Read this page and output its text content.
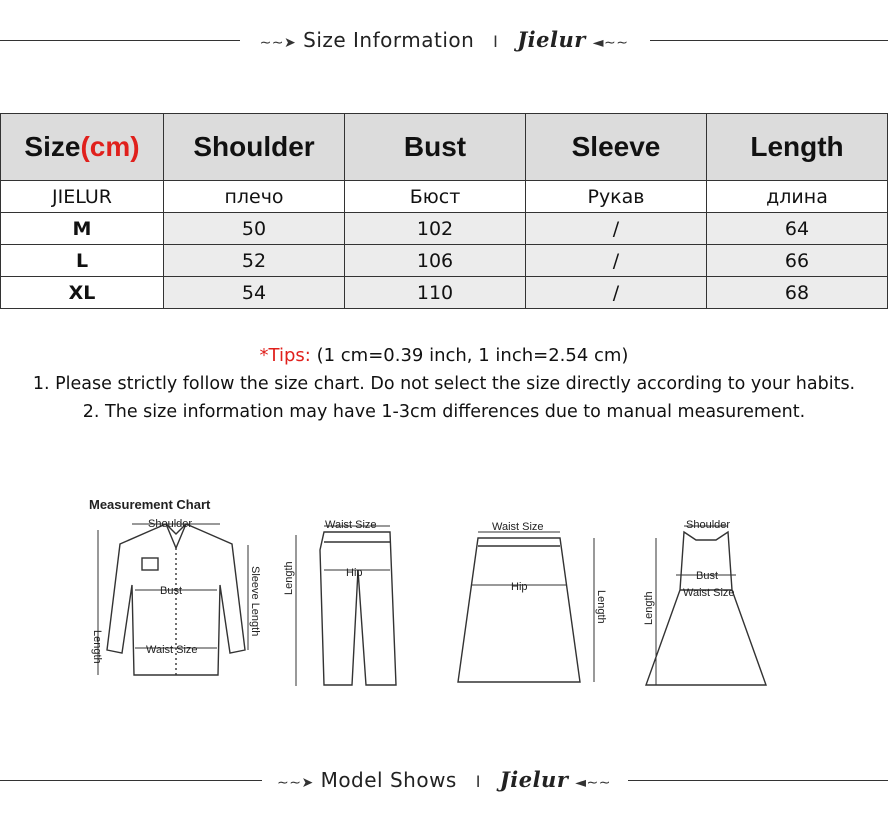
∼∼➤ Size Information I Jielur ◄∼∼
Size(cm)	Shoulder	Bust	Sleeve	Length
JIELUR	плечо	Бюст	Рукав	длина
M	50	102	/	64
L	52	106	/	66
XL	54	110	/	68
*Tips: (1 cm=0.39 inch, 1 inch=2.54 cm)
1. Please strictly follow the size chart. Do not select the size directly according to your habits.
2. The size information may have 1-3cm differences due to manual measurement.
Measurement Chart
Shoulder
Bust
Waist Size
Length
Sleeve Length
Waist Size
Hip
Length
Waist Size
Hip
Length
Shoulder
Bust
Waist Size
Length
∼∼➤ Model Shows I Jielur ◄∼∼
